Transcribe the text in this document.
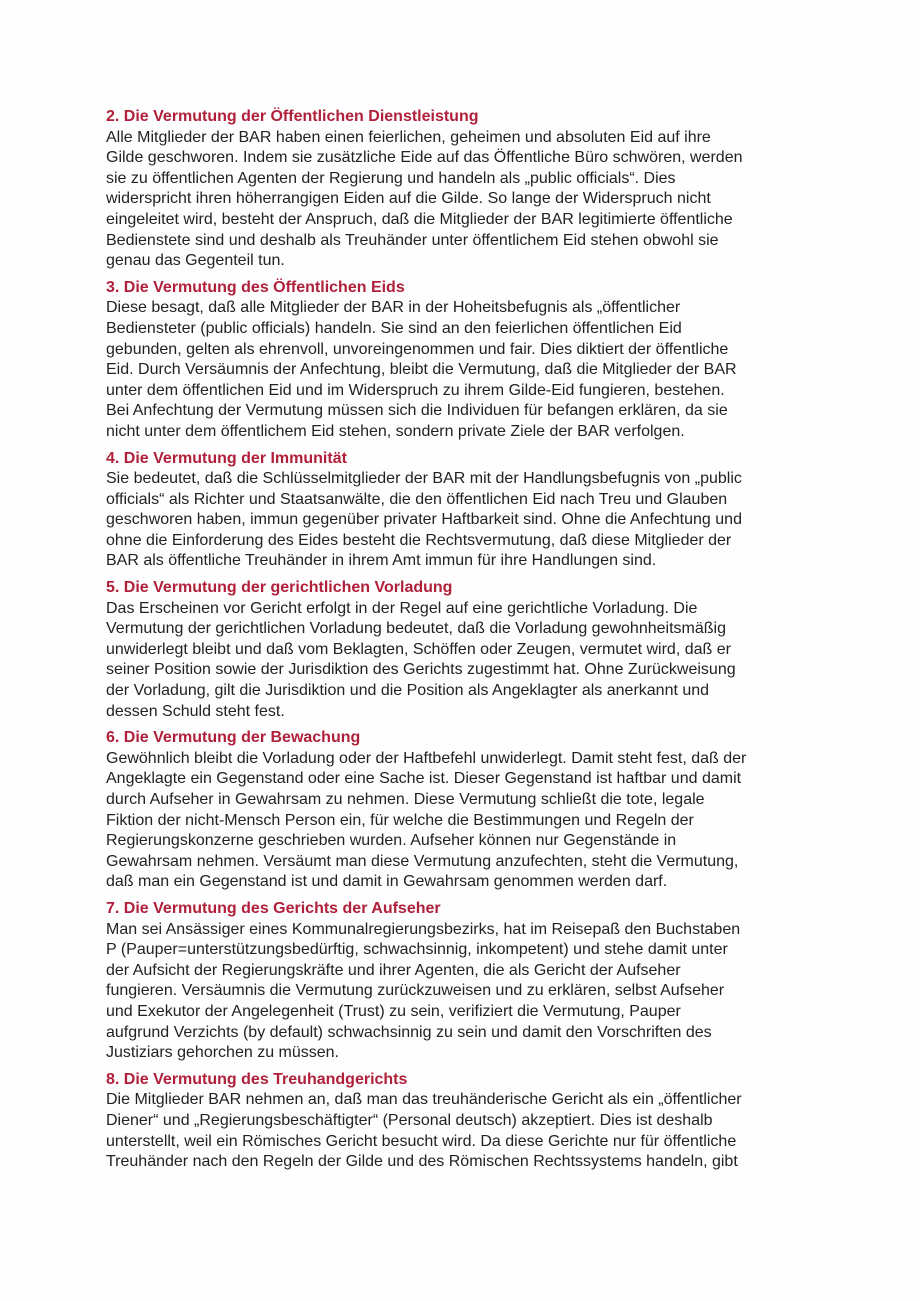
2. Die Vermutung der Öffentlichen Dienstleistung
Alle Mitglieder der BAR haben einen feierlichen, geheimen und absoluten Eid auf ihre
Gilde geschworen. Indem sie zusätzliche Eide auf das Öffentliche Büro schwören, werden
sie zu öffentlichen Agenten der Regierung und handeln als „public officials“. Dies
widerspricht ihren höherrangigen Eiden auf die Gilde. So lange der Widerspruch nicht
eingeleitet wird, besteht der Anspruch, daß die Mitglieder der BAR legitimierte öffentliche
Bedienstete sind und deshalb als Treuhänder unter öffentlichem Eid stehen obwohl sie
genau das Gegenteil tun.
3. Die Vermutung des Öffentlichen Eids
Diese besagt, daß alle Mitglieder der BAR in der Hoheitsbefugnis als „öffentlicher
Bediensteter (public officials) handeln. Sie sind an den feierlichen öffentlichen Eid
gebunden, gelten als ehrenvoll, unvoreingenommen und fair. Dies diktiert der öffentliche
Eid. Durch Versäumnis der Anfechtung, bleibt die Vermutung, daß die Mitglieder der BAR
unter dem öffentlichen Eid und im Widerspruch zu ihrem Gilde-Eid fungieren, bestehen.
Bei Anfechtung der Vermutung müssen sich die Individuen für befangen erklären, da sie
nicht unter dem öffentlichem Eid stehen, sondern private Ziele der BAR verfolgen.
4. Die Vermutung der Immunität
Sie bedeutet, daß die Schlüsselmitglieder der BAR mit der Handlungsbefugnis von „public
officials“ als Richter und Staatsanwälte, die den öffentlichen Eid nach Treu und Glauben
geschworen haben, immun gegenüber privater Haftbarkeit sind. Ohne die Anfechtung und
ohne die Einforderung des Eides besteht die Rechtsvermutung, daß diese Mitglieder der
BAR als öffentliche Treuhänder in ihrem Amt immun für ihre Handlungen sind.
5. Die Vermutung der gerichtlichen Vorladung
Das Erscheinen vor Gericht erfolgt in der Regel auf eine gerichtliche Vorladung. Die
Vermutung der gerichtlichen Vorladung bedeutet, daß die Vorladung gewohnheitsmäßig
unwiderlegt bleibt und daß vom Beklagten, Schöffen oder Zeugen, vermutet wird, daß er
seiner Position sowie der Jurisdiktion des Gerichts zugestimmt hat. Ohne Zurückweisung
der Vorladung, gilt die Jurisdiktion und die Position als Angeklagter als anerkannt und
dessen Schuld steht fest.
6. Die Vermutung der Bewachung
Gewöhnlich bleibt die Vorladung oder der Haftbefehl unwiderlegt. Damit steht fest, daß der
Angeklagte ein Gegenstand oder eine Sache ist. Dieser Gegenstand ist haftbar und damit
durch Aufseher in Gewahrsam zu nehmen. Diese Vermutung schließt die tote, legale
Fiktion der nicht-Mensch Person ein, für welche die Bestimmungen und Regeln der
Regierungskonzerne geschrieben wurden. Aufseher können nur Gegenstände in
Gewahrsam nehmen. Versäumt man diese Vermutung anzufechten, steht die Vermutung,
daß man ein Gegenstand ist und damit in Gewahrsam genommen werden darf.
7. Die Vermutung des Gerichts der Aufseher
Man sei Ansässiger eines Kommunalregierungsbezirks, hat im Reisepaß den Buchstaben
P (Pauper=unterstützungsbedürftig, schwachsinnig, inkompetent) und stehe damit unter
der Aufsicht der Regierungskräfte und ihrer Agenten, die als Gericht der Aufseher
fungieren. Versäumnis die Vermutung zurückzuweisen und zu erklären, selbst Aufseher
und Exekutor der Angelegenheit (Trust) zu sein, verifiziert die Vermutung, Pauper
aufgrund Verzichts (by default) schwachsinnig zu sein und damit den Vorschriften des
Justiziars gehorchen zu müssen.
8. Die Vermutung des Treuhandgerichts
Die Mitglieder BAR nehmen an, daß man das treuhänderische Gericht als ein „öffentlicher
Diener“ und „Regierungsbeschäftigter“ (Personal deutsch) akzeptiert. Dies ist deshalb
unterstellt, weil ein Römisches Gericht besucht wird. Da diese Gerichte nur für öffentliche
Treuhänder nach den Regeln der Gilde und des Römischen Rechtssystems handeln, gibt
